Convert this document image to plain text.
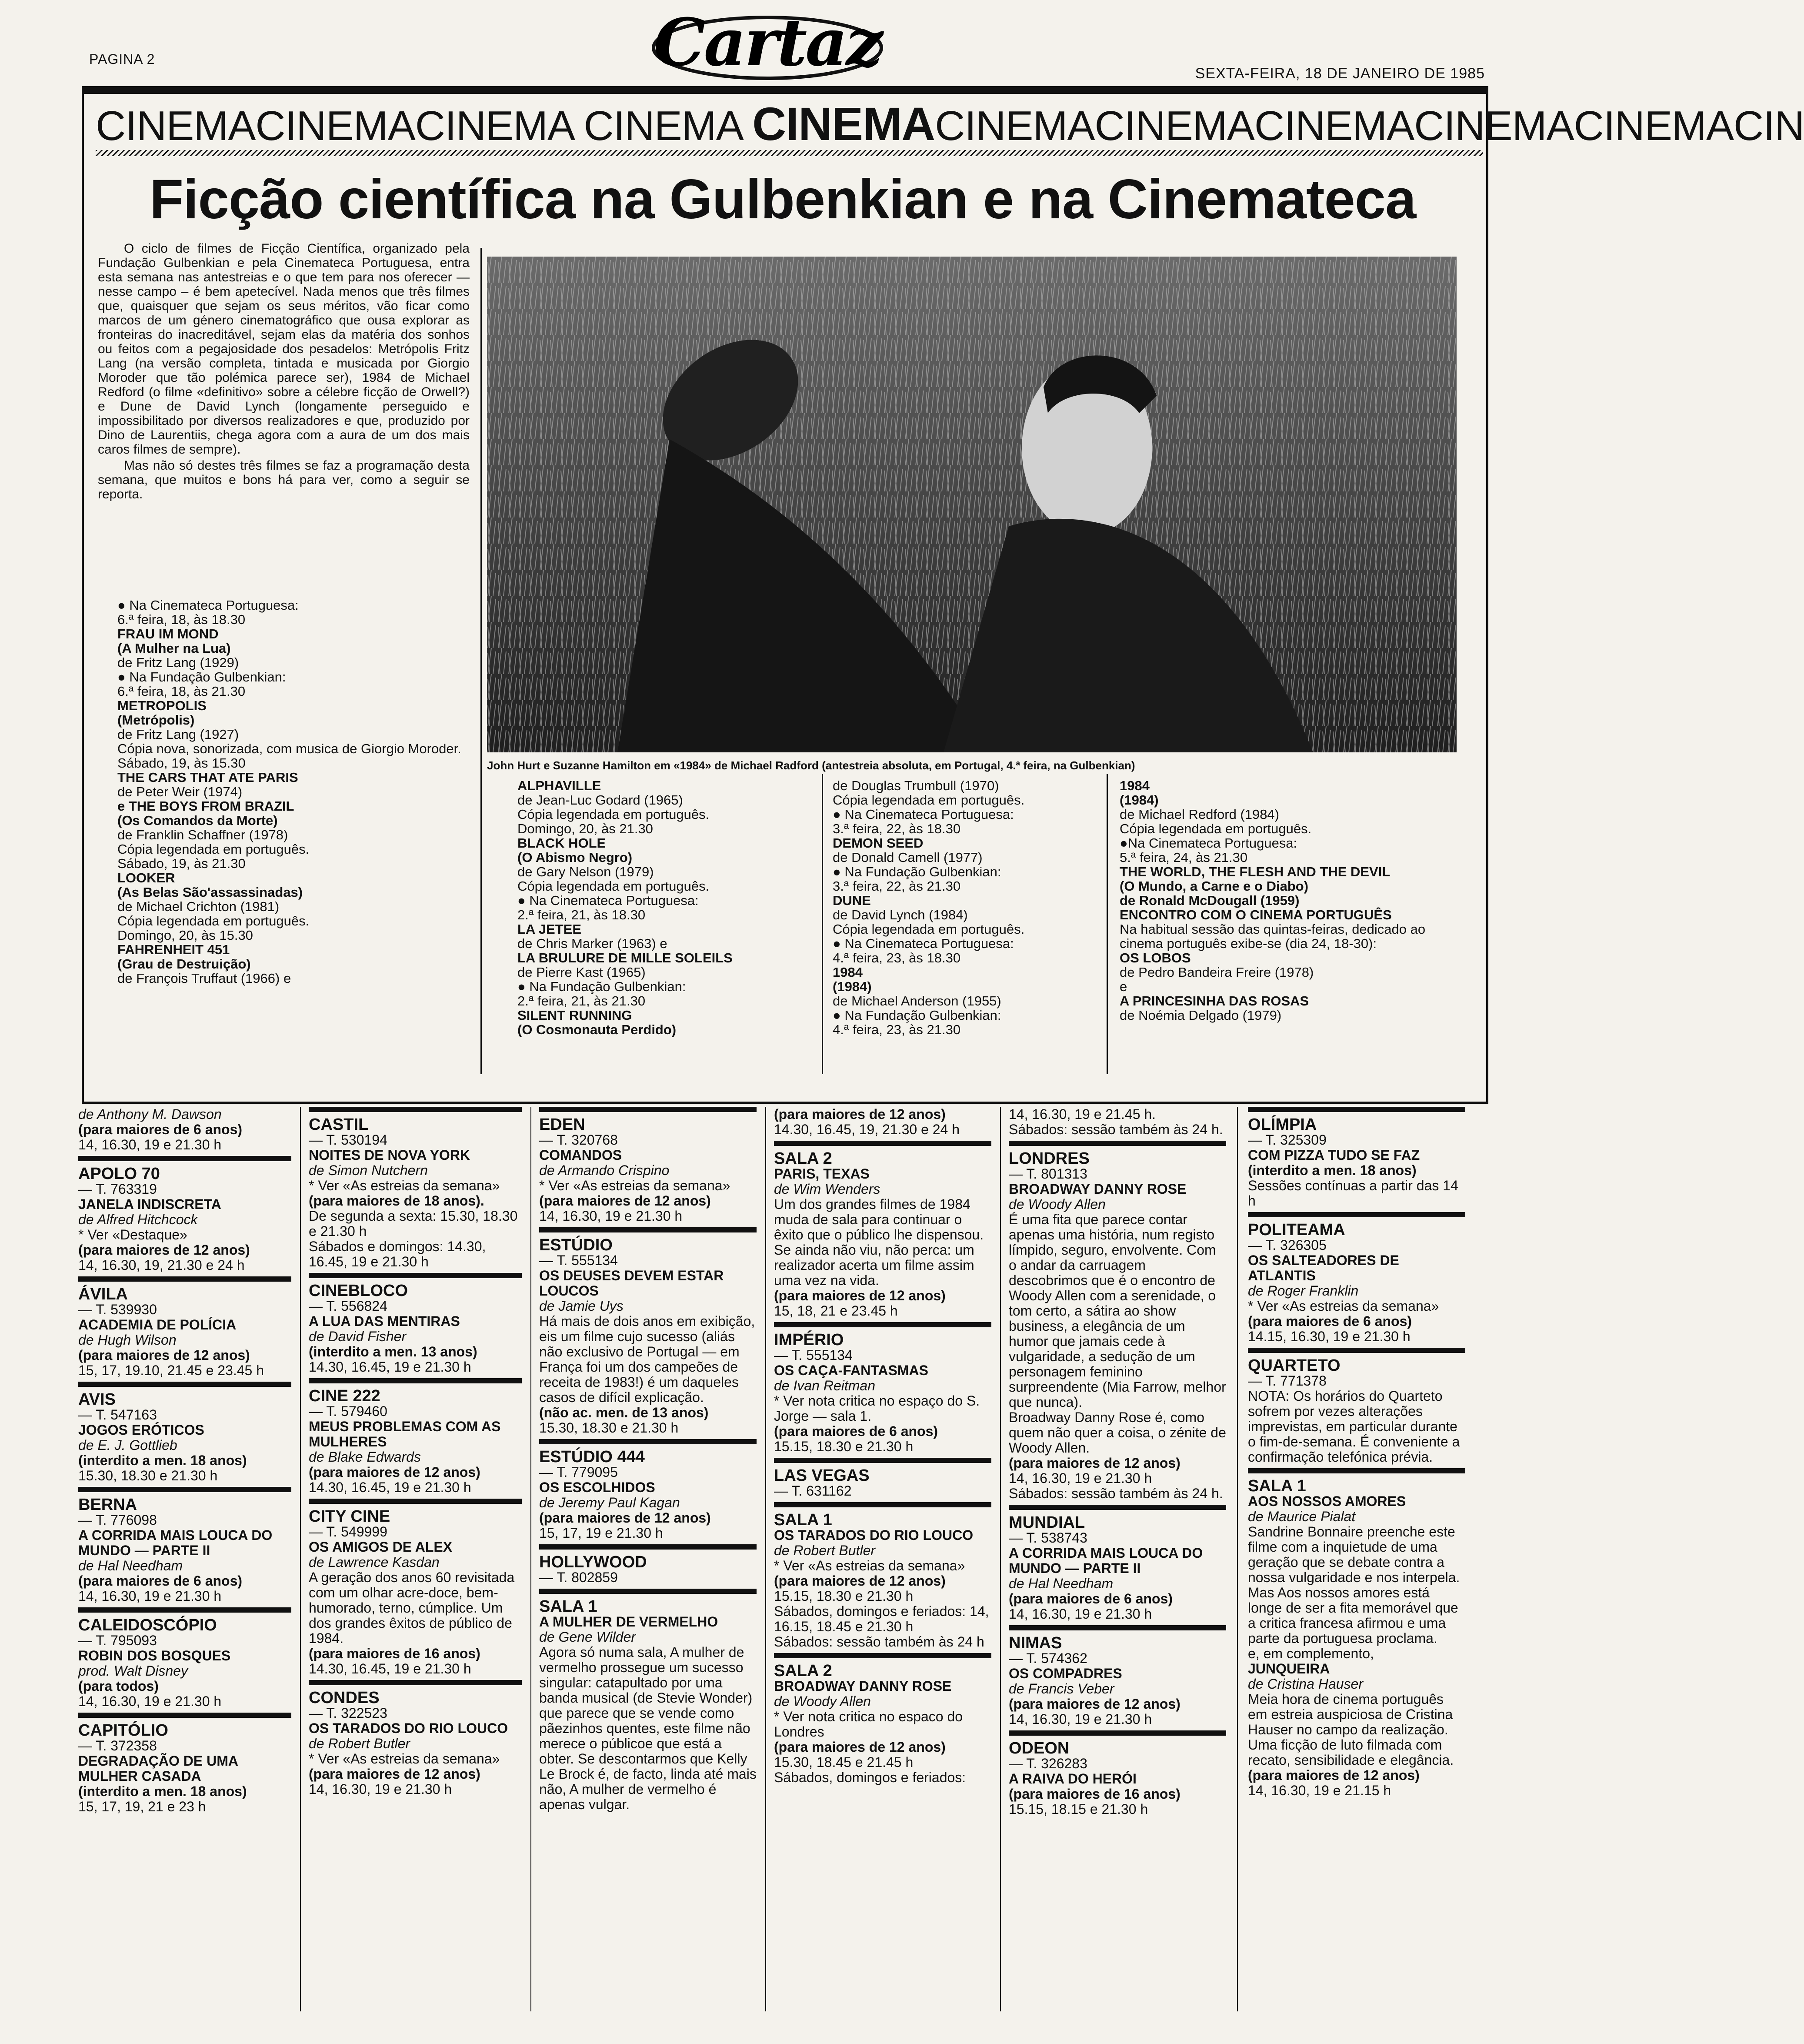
PAGINA 2	Cartaz	SEXTA-FEIRA, 18 DE JANEIRO DE 1985
CINEMACINEMACINEMA CINEMA CINEMACINEMACINEMACINEMACINEMACINEMACIN
Ficção científica na Gulbenkian e na Cinemateca

O ciclo de filmes de Ficção Científica, organizado pela Fundação Gulbenkian e pela Cinemateca Portuguesa, entra esta semana nas antestreias e o que tem para nos oferecer — nesse campo – é bem apetecível. Nada menos que três filmes que, quaisquer que sejam os seus méritos, vão ficar como marcos de um género cinematográfico que ousa explorar as fronteiras do inacreditável, sejam elas da matéria dos sonhos ou feitos com a pegajosidade dos pesadelos: Metrópolis Fritz Lang (na versão completa, tintada e musicada por Giorgio Moroder que tão polémica parece ser), 1984 de Michael Redford (o filme «definitivo» sobre a célebre ficção de Orwell?) e Dune de David Lynch (longamente perseguido e impossibilitado por diversos realizadores e que, produzido por Dino de Laurentiis, chega agora com a aura de um dos mais caros filmes de sempre).

Mas não só destes três filmes se faz a programação desta semana, que muitos e bons há para ver, como a seguir se reporta.

John Hurt e Suzanne Hamilton em «1984» de Michael Radford (antestreia absoluta, em Portugal, 4.ª feira, na Gulbenkian)
● Na Cinemateca Portuguesa:
6.ª feira, 18, às 18.30
FRAU IM MOND
(A Mulher na Lua)
de Fritz Lang (1929)
● Na Fundação Gulbenkian:
6.ª feira, 18, às 21.30
METROPOLIS
(Metrópolis)
de Fritz Lang (1927)
Cópia nova, sonorizada, com musica de Giorgio Moroder.
Sábado, 19, às 15.30
THE CARS THAT ATE PARIS
de Peter Weir (1974)
e THE BOYS FROM BRAZIL
(Os Comandos da Morte)
de Franklin Schaffner (1978)
Cópia legendada em português.
Sábado, 19, às 21.30
LOOKER
(As Belas São'assassinadas)
de Michael Crichton (1981)
Cópia legendada em português.
Domingo, 20, às 15.30
FAHRENHEIT 451
(Grau de Destruição)
de François Truffaut (1966) e
ALPHAVILLE
de Jean-Luc Godard (1965)
Cópia legendada em português.
Domingo, 20, às 21.30
BLACK HOLE
(O Abismo Negro)
de Gary Nelson (1979)
Cópia legendada em português.
● Na Cinemateca Portuguesa:
2.ª feira, 21, às 18.30
LA JETEE
de Chris Marker (1963) e
LA BRULURE DE MILLE SOLEILS
de Pierre Kast (1965)
● Na Fundação Gulbenkian:
2.ª feira, 21, às 21.30
SILENT RUNNING
(O Cosmonauta Perdido)
de Douglas Trumbull (1970)
Cópia legendada em português.
● Na Cinemateca Portuguesa:
3.ª feira, 22, às 18.30
DEMON SEED
de Donald Camell (1977)
● Na Fundação Gulbenkian:
3.ª feira, 22, às 21.30
DUNE
de David Lynch (1984)
Cópia legendada em português.
● Na Cinemateca Portuguesa:
4.ª feira, 23, às 18.30
1984
(1984)
de Michael Anderson (1955)
● Na Fundação Gulbenkian:
4.ª feira, 23, às 21.30
1984
(1984)
de Michael Redford (1984)
Cópia legendada em português.
●Na Cinemateca Portuguesa:
5.ª feira, 24, às 21.30
THE WORLD, THE FLESH AND THE DEVIL
(O Mundo, a Carne e o Diabo)
de Ronald McDougall (1959)
ENCONTRO COM O CINEMA PORTUGUÊS
Na habitual sessão das quintas-feiras, dedicado ao cinema português exibe-se (dia 24, 18-30):
OS LOBOS
de Pedro Bandeira Freire (1978)
e
A PRINCESINHA DAS ROSAS
de Noémia Delgado (1979)
de Anthony M. Dawson
(para maiores de 6 anos)
14, 16.30, 19 e 21.30 h
APOLO 70
— T. 763319
JANELA INDISCRETA
de Alfred Hitchcock
* Ver «Destaque»
(para maiores de 12 anos)
14, 16.30, 19, 21.30 e 24 h
ÁVILA
— T. 539930
ACADEMIA DE POLÍCIA
de Hugh Wilson
(para maiores de 12 anos)
15, 17, 19.10, 21.45 e 23.45 h
AVIS
— T. 547163
JOGOS ERÓTICOS
de E. J. Gottlieb
(interdito a men. 18 anos)
15.30, 18.30 e 21.30 h
BERNA
— T. 776098
A CORRIDA MAIS LOUCA DO MUNDO — PARTE II
de Hal Needham
(para maiores de 6 anos)
14, 16.30, 19 e 21.30 h
CALEIDOSCÓPIO
— T. 795093
ROBIN DOS BOSQUES
prod. Walt Disney
(para todos)
14, 16.30, 19 e 21.30 h
CAPITÓLIO
— T. 372358
DEGRADAÇÃO DE UMA MULHER CASADA
(interdito a men. 18 anos)
15, 17, 19, 21 e 23 h
CASTIL
— T. 530194
NOITES DE NOVA YORK
de Simon Nutchern
* Ver «As estreias da semana»
(para maiores de 18 anos).
De segunda a sexta: 15.30, 18.30 e 21.30 h
Sábados e domingos: 14.30, 16.45, 19 e 21.30 h
CINEBLOCO
— T. 556824
A LUA DAS MENTIRAS
de David Fisher
(interdito a men. 13 anos)
14.30, 16.45, 19 e 21.30 h
CINE 222
— T. 579460
MEUS PROBLEMAS COM AS MULHERES
de Blake Edwards
(para maiores de 12 anos)
14.30, 16.45, 19 e 21.30 h
CITY CINE
— T. 549999
OS AMIGOS DE ALEX
de Lawrence Kasdan
A geração dos anos 60 revisitada com um olhar acre-doce, bem-humorado, terno, cúmplice. Um dos grandes êxitos de público de 1984.
(para maiores de 16 anos)
14.30, 16.45, 19 e 21.30 h
CONDES
— T. 322523
OS TARADOS DO RIO LOUCO
de Robert Butler
* Ver «As estreias da semana»
(para maiores de 12 anos)
14, 16.30, 19 e 21.30 h
EDEN
— T. 320768
COMANDOS
de Armando Crispino
* Ver «As estreias da semana»
(para maiores de 12 anos)
14, 16.30, 19 e 21.30 h
ESTÚDIO
— T. 555134
OS DEUSES DEVEM ESTAR LOUCOS
de Jamie Uys
Há mais de dois anos em exibição, eis um filme cujo sucesso (aliás não exclusivo de Portugal — em França foi um dos campeões de receita de 1983!) é um daqueles casos de difícil explicação.
(não ac. men. de 13 anos)
15.30, 18.30 e 21.30 h
ESTÚDIO 444
— T. 779095
OS ESCOLHIDOS
de Jeremy Paul Kagan
(para maiores de 12 anos)
15, 17, 19 e 21.30 h
HOLLYWOOD
— T. 802859
SALA 1
A MULHER DE VERMELHO
de Gene Wilder
Agora só numa sala, A mulher de vermelho prossegue um sucesso singular: catapultado por uma banda musical (de Stevie Wonder) que parece que se vende como pãezinhos quentes, este filme não merece o públicoe que está a obter. Se descontarmos que Kelly Le Brock é, de facto, linda até mais não, A mulher de vermelho é apenas vulgar.
(para maiores de 12 anos)
14.30, 16.45, 19, 21.30 e 24 h
SALA 2
PARIS, TEXAS
de Wim Wenders
Um dos grandes filmes de 1984 muda de sala para continuar o êxito que o público lhe dispensou. Se ainda não viu, não perca: um realizador acerta um filme assim uma vez na vida.
(para maiores de 12 anos)
15, 18, 21 e 23.45 h
IMPÉRIO
— T. 555134
OS CAÇA-FANTASMAS
de Ivan Reitman
* Ver nota critica no espaço do S. Jorge — sala 1.
(para maiores de 6 anos)
15.15, 18.30 e 21.30 h
LAS VEGAS
— T. 631162
SALA 1
OS TARADOS DO RIO LOUCO
de Robert Butler
* Ver «As estreias da semana»
(para maiores de 12 anos)
15.15, 18.30 e 21.30 h
Sábados, domingos e feriados: 14, 16.15, 18.45 e 21.30 h
Sábados: sessão também às 24 h
SALA 2
BROADWAY DANNY ROSE
de Woody Allen
* Ver nota critica no espaco do Londres
(para maiores de 12 anos)
15.30, 18.45 e 21.45 h
Sábados, domingos e feriados:
14, 16.30, 19 e 21.45 h.
Sábados: sessão também às 24 h.
LONDRES
— T. 801313
BROADWAY DANNY ROSE
de Woody Allen
É uma fita que parece contar apenas uma história, num registo límpido, seguro, envolvente. Com o andar da carruagem descobrimos que é o encontro de Woody Allen com a serenidade, o tom certo, a sátira ao show business, a elegância de um humor que jamais cede à vulgaridade, a sedução de um personagem feminino surpreendente (Mia Farrow, melhor que nunca).
Broadway Danny Rose é, como quem não quer a coisa, o zénite de Woody Allen.
(para maiores de 12 anos)
14, 16.30, 19 e 21.30 h
Sábados: sessão também às 24 h.
MUNDIAL
— T. 538743
A CORRIDA MAIS LOUCA DO MUNDO — PARTE II
de Hal Needham
(para maiores de 6 anos)
14, 16.30, 19 e 21.30 h
NIMAS
— T. 574362
OS COMPADRES
de Francis Veber
(para maiores de 12 anos)
14, 16.30, 19 e 21.30 h
ODEON
— T. 326283
A RAIVA DO HERÓI
(para maiores de 16 anos)
15.15, 18.15 e 21.30 h
OLÍMPIA
— T. 325309
COM PIZZA TUDO SE FAZ
(interdito a men. 18 anos)
Sessões contínuas a partir das 14 h
POLITEAMA
— T. 326305
OS SALTEADORES DE ATLANTIS
de Roger Franklin
* Ver «As estreias da semana»
(para maiores de 6 anos)
14.15, 16.30, 19 e 21.30 h
QUARTETO
— T. 771378
NOTA: Os horários do Quarteto sofrem por vezes alterações imprevistas, em particular durante o fim-de-semana. É conveniente a confirmação telefónica prévia.
SALA 1
AOS NOSSOS AMORES
de Maurice Pialat
Sandrine Bonnaire preenche este filme com a inquietude de uma geração que se debate contra a nossa vulgaridade e nos interpela. Mas Aos nossos amores está longe de ser a fita memorável que a critica francesa afirmou e uma parte da portuguesa proclama.
e, em complemento,
JUNQUEIRA
de Cristina Hauser
Meia hora de cinema português em estreia auspiciosa de Cristina Hauser no campo da realização. Uma ficção de luto filmada com recato, sensibilidade e elegância.
(para maiores de 12 anos)
14, 16.30, 19 e 21.15 h
